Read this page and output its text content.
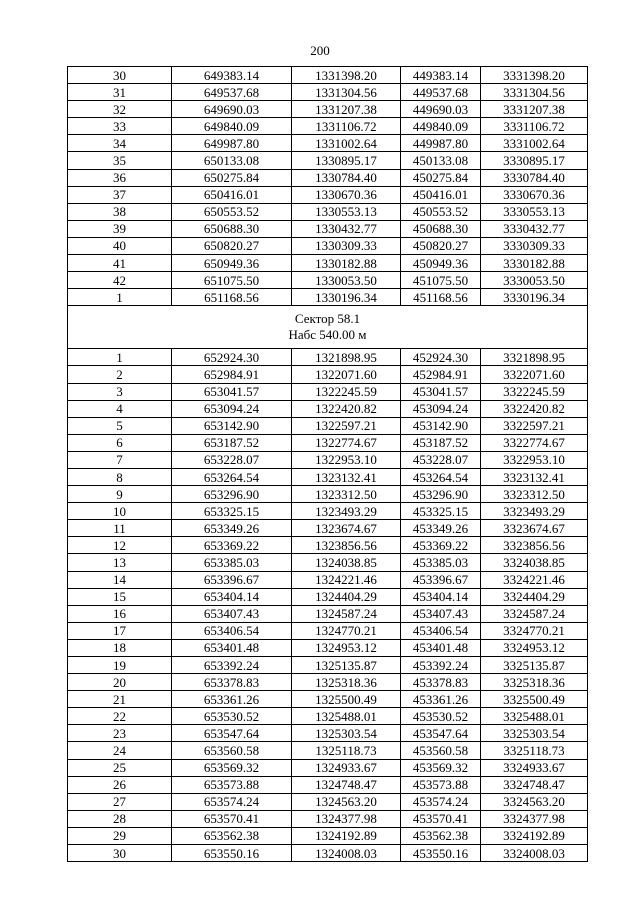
200
30	649383.14	1331398.20	449383.14	3331398.20
31	649537.68	1331304.56	449537.68	3331304.56
32	649690.03	1331207.38	449690.03	3331207.38
33	649840.09	1331106.72	449840.09	3331106.72
34	649987.80	1331002.64	449987.80	3331002.64
35	650133.08	1330895.17	450133.08	3330895.17
36	650275.84	1330784.40	450275.84	3330784.40
37	650416.01	1330670.36	450416.01	3330670.36
38	650553.52	1330553.13	450553.52	3330553.13
39	650688.30	1330432.77	450688.30	3330432.77
40	650820.27	1330309.33	450820.27	3330309.33
41	650949.36	1330182.88	450949.36	3330182.88
42	651075.50	1330053.50	451075.50	3330053.50
1	651168.56	1330196.34	451168.56	3330196.34

Сектор 58.1
Набс 540.00 м				

1	652924.30	1321898.95	452924.30	3321898.95
2	652984.91	1322071.60	452984.91	3322071.60
3	653041.57	1322245.59	453041.57	3322245.59
4	653094.24	1322420.82	453094.24	3322420.82
5	653142.90	1322597.21	453142.90	3322597.21
6	653187.52	1322774.67	453187.52	3322774.67
7	653228.07	1322953.10	453228.07	3322953.10
8	653264.54	1323132.41	453264.54	3323132.41
9	653296.90	1323312.50	453296.90	3323312.50
10	653325.15	1323493.29	453325.15	3323493.29
11	653349.26	1323674.67	453349.26	3323674.67
12	653369.22	1323856.56	453369.22	3323856.56
13	653385.03	1324038.85	453385.03	3324038.85
14	653396.67	1324221.46	453396.67	3324221.46
15	653404.14	1324404.29	453404.14	3324404.29
16	653407.43	1324587.24	453407.43	3324587.24
17	653406.54	1324770.21	453406.54	3324770.21
18	653401.48	1324953.12	453401.48	3324953.12
19	653392.24	1325135.87	453392.24	3325135.87
20	653378.83	1325318.36	453378.83	3325318.36
21	653361.26	1325500.49	453361.26	3325500.49
22	653530.52	1325488.01	453530.52	3325488.01
23	653547.64	1325303.54	453547.64	3325303.54
24	653560.58	1325118.73	453560.58	3325118.73
25	653569.32	1324933.67	453569.32	3324933.67
26	653573.88	1324748.47	453573.88	3324748.47
27	653574.24	1324563.20	453574.24	3324563.20
28	653570.41	1324377.98	453570.41	3324377.98
29	653562.38	1324192.89	453562.38	3324192.89
30	653550.16	1324008.03	453550.16	3324008.03
